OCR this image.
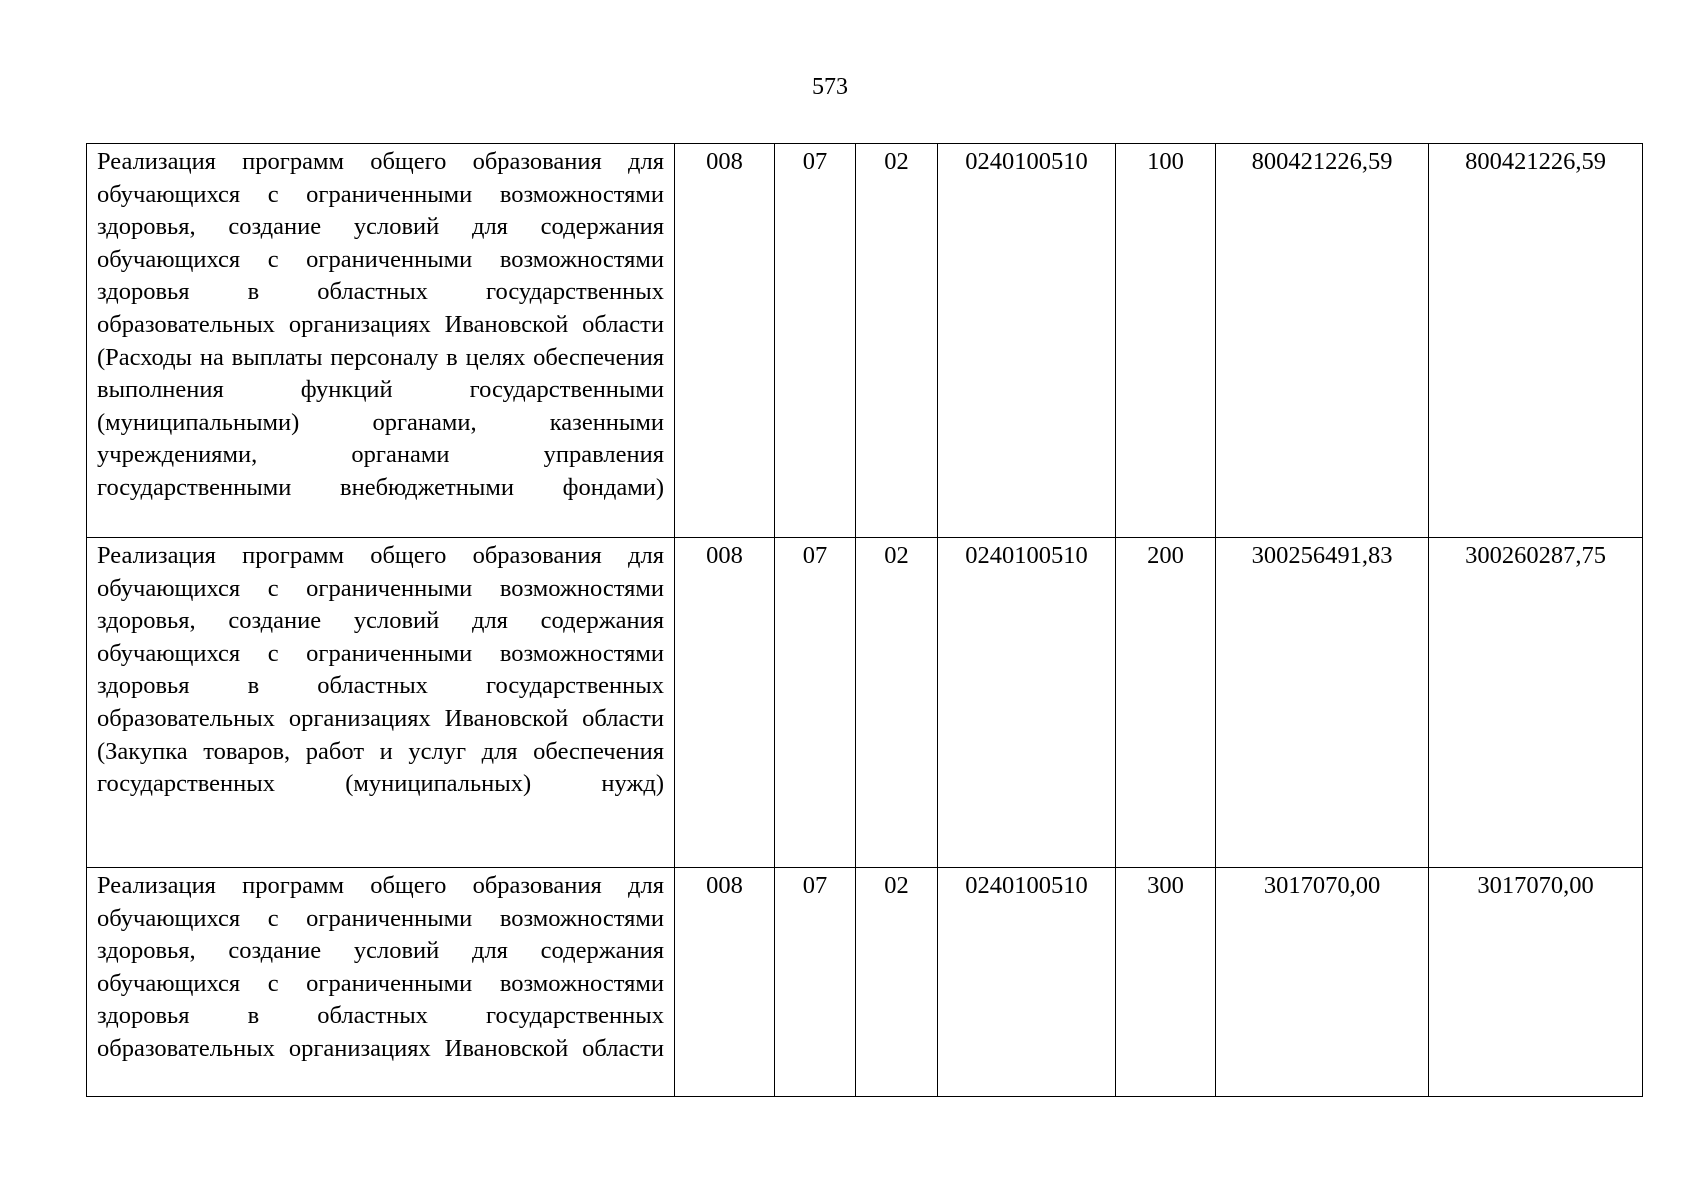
573
Реализация программ общего образования для обучающихся с ограниченными возможностями здоровья, создание условий для содержания обучающихся с ограниченными возможностями здоровья в областных государственных образовательных организациях Ивановской области (Расходы на выплаты персоналу в целях обеспечения выполнения функций государственными (муниципальными) органами, казенными учреждениями, органами управления государственными внебюджетными фондами)	008	07	02	0240100510	100	800421226,59	800421226,59
Реализация программ общего образования для обучающихся с ограниченными возможностями здоровья, создание условий для содержания обучающихся с ограниченными возможностями здоровья в областных государственных образовательных организациях Ивановской области (Закупка товаров, работ и услуг для обеспечения государственных (муниципальных) нужд)	008	07	02	0240100510	200	300256491,83	300260287,75
Реализация программ общего образования для обучающихся с ограниченными возможностями здоровья, создание условий для содержания обучающихся с ограниченными возможностями здоровья в областных государственных образовательных организациях Ивановской области	008	07	02	0240100510	300	3017070,00	3017070,00
